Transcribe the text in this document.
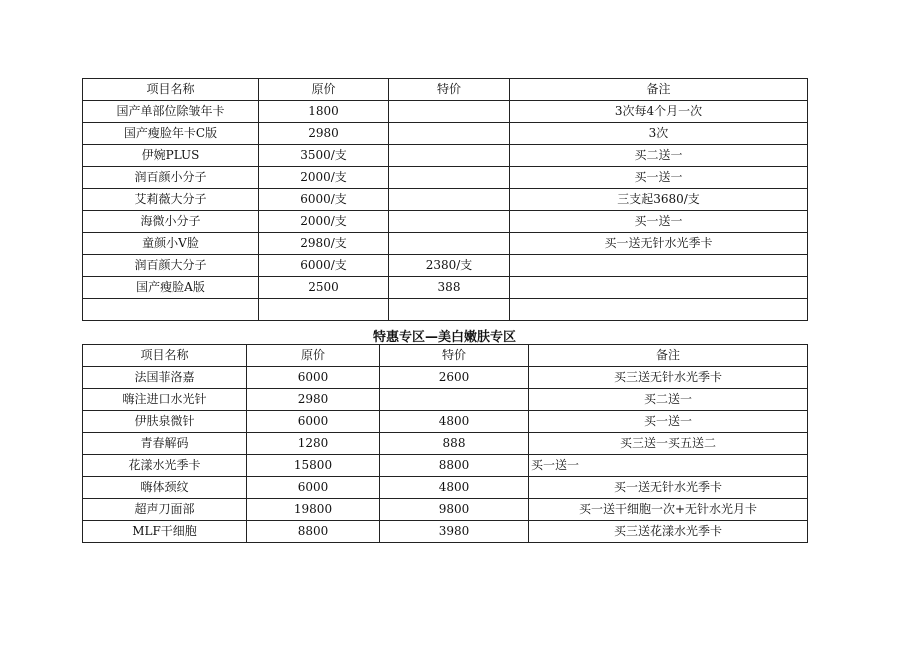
项目名称	原价	特价	备注
国产单部位除皱年卡	1800		3次每4个月一次
国产瘦脸年卡C版	2980		3次
伊婉PLUS	3500/支		买二送一
润百颜小分子	2000/支		买一送一
艾莉薇大分子	6000/支		三支起3680/支
海微小分子	2000/支		买一送一
童颜小V脸	2980/支		买一送无针水光季卡
润百颜大分子	6000/支	2380/支	
国产瘦脸A版	2500	388	

特惠专区—美白嫩肤专区
项目名称	原价	特价	备注
法国菲洛嘉	6000	2600	买三送无针水光季卡
嗨注进口水光针	2980		买二送一
伊肤泉微针	6000	4800	买一送一
青春解码	1280	888	买三送一买五送二
花漾水光季卡	15800	8800	买一送一
嗨体颈纹	6000	4800	买一送无针水光季卡
超声刀面部	19800	9800	买一送干细胞一次+无针水光月卡
MLF干细胞	8800	3980	买三送花漾水光季卡
